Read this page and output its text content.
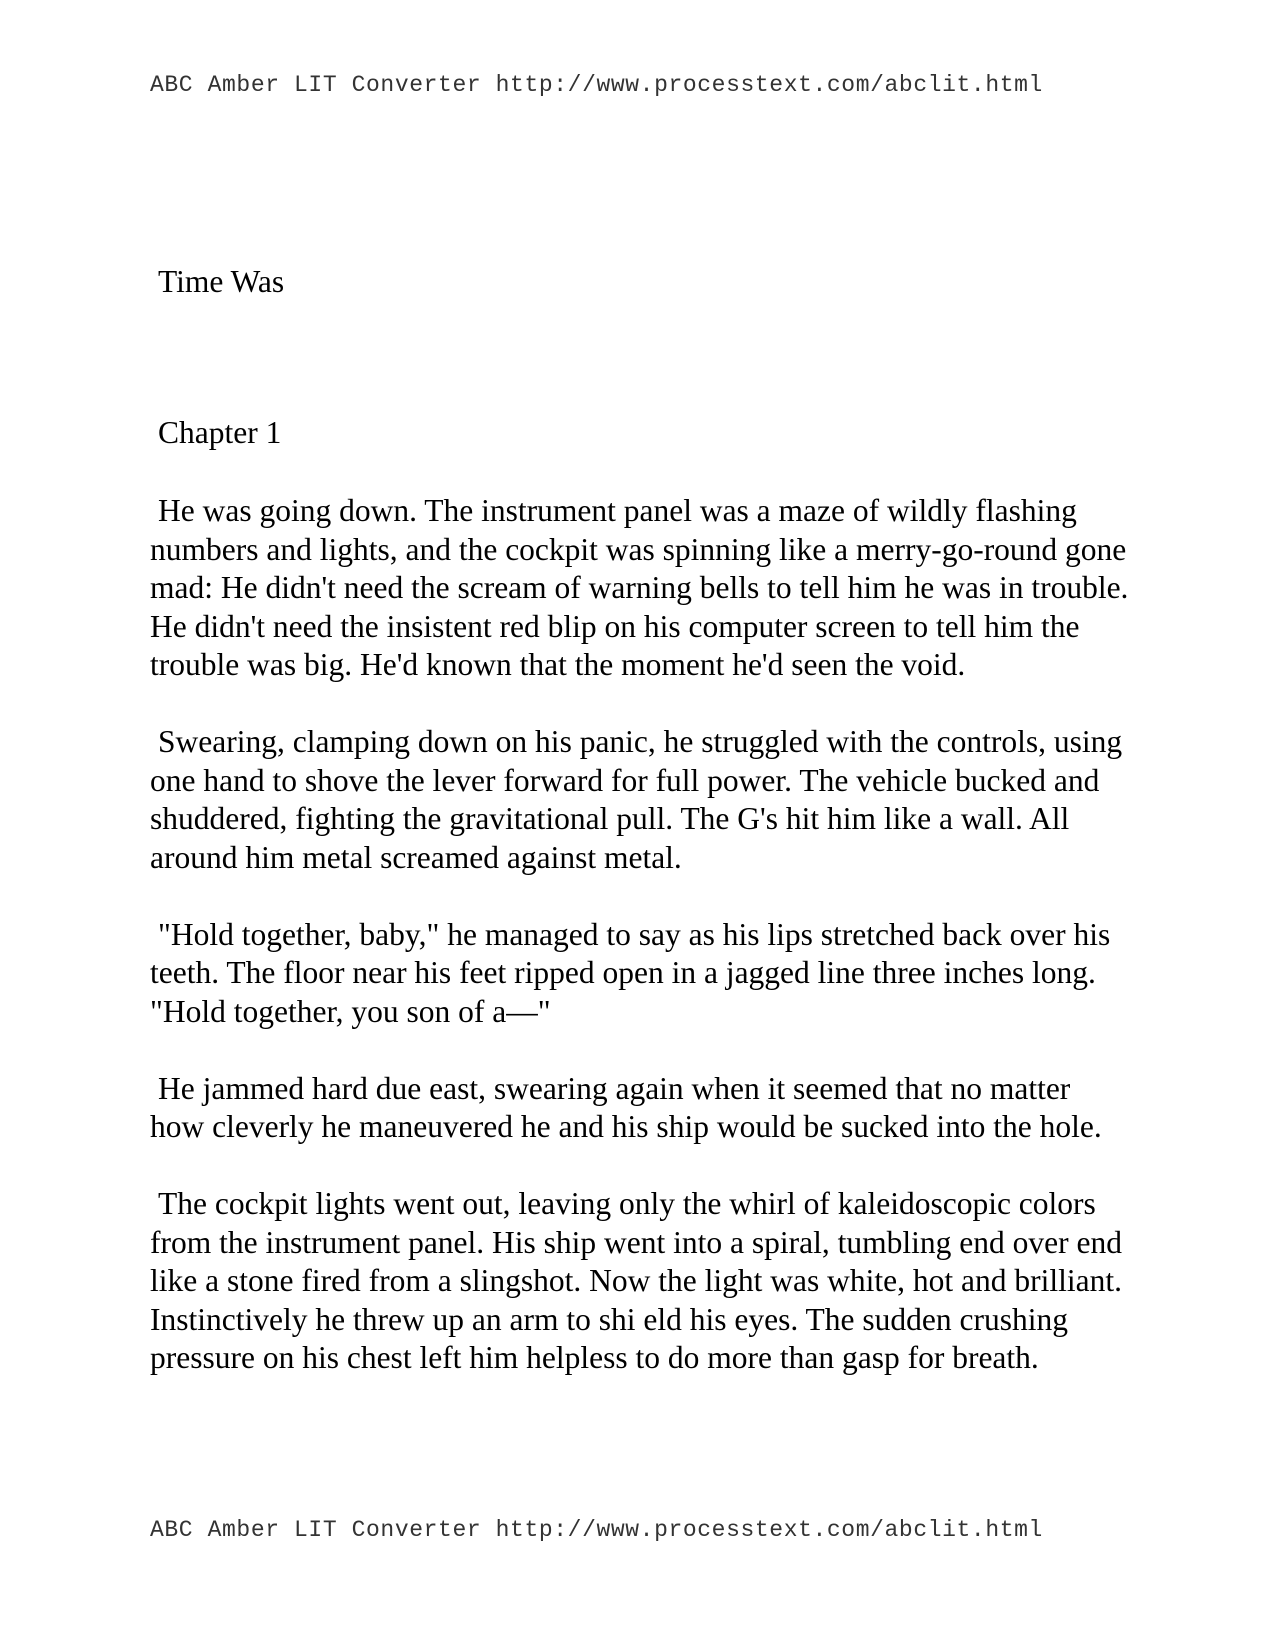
ABC Amber LIT Converter http://www.processtext.com/abclit.html
Time Was
Chapter 1

He was going down. The instrument panel was a maze of wildly flashing numbers and lights, and the cockpit was spinning like a merry-go-round gone mad: He didn't need the scream of warning bells to tell him he was in trouble. He didn't need the insistent red blip on his computer screen to tell him the trouble was big. He'd known that the moment he'd seen the void.

Swearing, clamping down on his panic, he struggled with the controls, using one hand to shove the lever forward for full power. The vehicle bucked and shuddered, fighting the gravitational pull. The G's hit him like a wall. All around him metal screamed against metal.

"Hold together, baby," he managed to say as his lips stretched back over his teeth. The floor near his feet ripped open in a jagged line three inches long. "Hold together, you son of a—"

He jammed hard due east, swearing again when it seemed that no matter how cleverly he maneuvered he and his ship would be sucked into the hole.

The cockpit lights went out, leaving only the whirl of kaleidoscopic colors from the instrument panel. His ship went into a spiral, tumbling end over end like a stone fired from a slingshot. Now the light was white, hot and brilliant. Instinctively he threw up an arm to shi eld his eyes. The sudden crushing pressure on his chest left him helpless to do more than gasp for breath.

ABC Amber LIT Converter http://www.processtext.com/abclit.html
